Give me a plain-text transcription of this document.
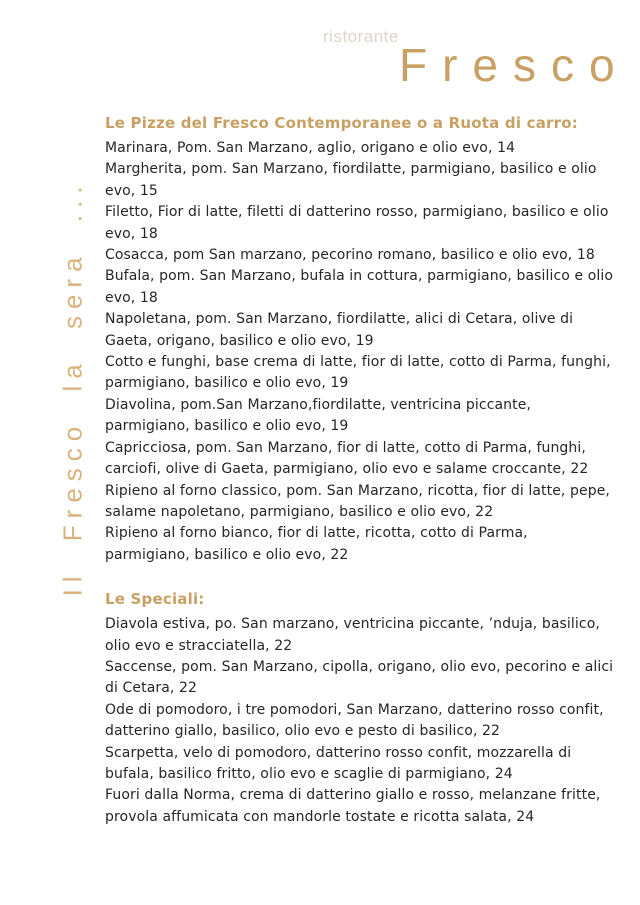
ristorante
Fresco
Il Fresco la sera ...
Le Pizze del Fresco Contemporanee o a Ruota di carro:

Marinara, Pom. San Marzano, aglio, origano e olio evo, 14

Margherita, pom. San Marzano, fiordilatte, parmigiano, basilico e olio evo, 15

Filetto, Fior di latte, filetti di datterino rosso, parmigiano, basilico e olio evo, 18

Cosacca, pom San marzano, pecorino romano, basilico e olio evo, 18

Bufala, pom. San Marzano, bufala in cottura, parmigiano, basilico e olio evo, 18

Napoletana, pom. San Marzano, fiordilatte, alici di Cetara, olive di Gaeta, origano, basilico e olio evo, 19

Cotto e funghi, base crema di latte, fior di latte, cotto di Parma, funghi, parmigiano, basilico e olio evo, 19

Diavolina, pom.San Marzano,fiordilatte, ventricina piccante, parmigiano, basilico e olio evo, 19

Capricciosa, pom. San Marzano, fior di latte, cotto di Parma, funghi, carciofi, olive di Gaeta, parmigiano, olio evo e salame croccante, 22

Ripieno al forno classico, pom. San Marzano, ricotta, fior di latte, pepe, salame napoletano, parmigiano, basilico e olio evo, 22

Ripieno al forno bianco, fior di latte, ricotta, cotto di Parma, parmigiano, basilico e olio evo, 22

Le Speciali:

Diavola estiva, po. San marzano, ventricina piccante, ’nduja, basilico, olio evo e stracciatella, 22

Saccense, pom. San Marzano, cipolla, origano, olio evo, pecorino e alici di Cetara, 22

Ode di pomodoro, i tre pomodori, San Marzano, datterino rosso confit, datterino giallo, basilico, olio evo e pesto di basilico, 22

Scarpetta, velo di pomodoro, datterino rosso confit, mozzarella di bufala, basilico fritto, olio evo e scaglie di parmigiano, 24

Fuori dalla Norma, crema di datterino giallo e rosso, melanzane fritte, provola affumicata con mandorle tostate e ricotta salata, 24
